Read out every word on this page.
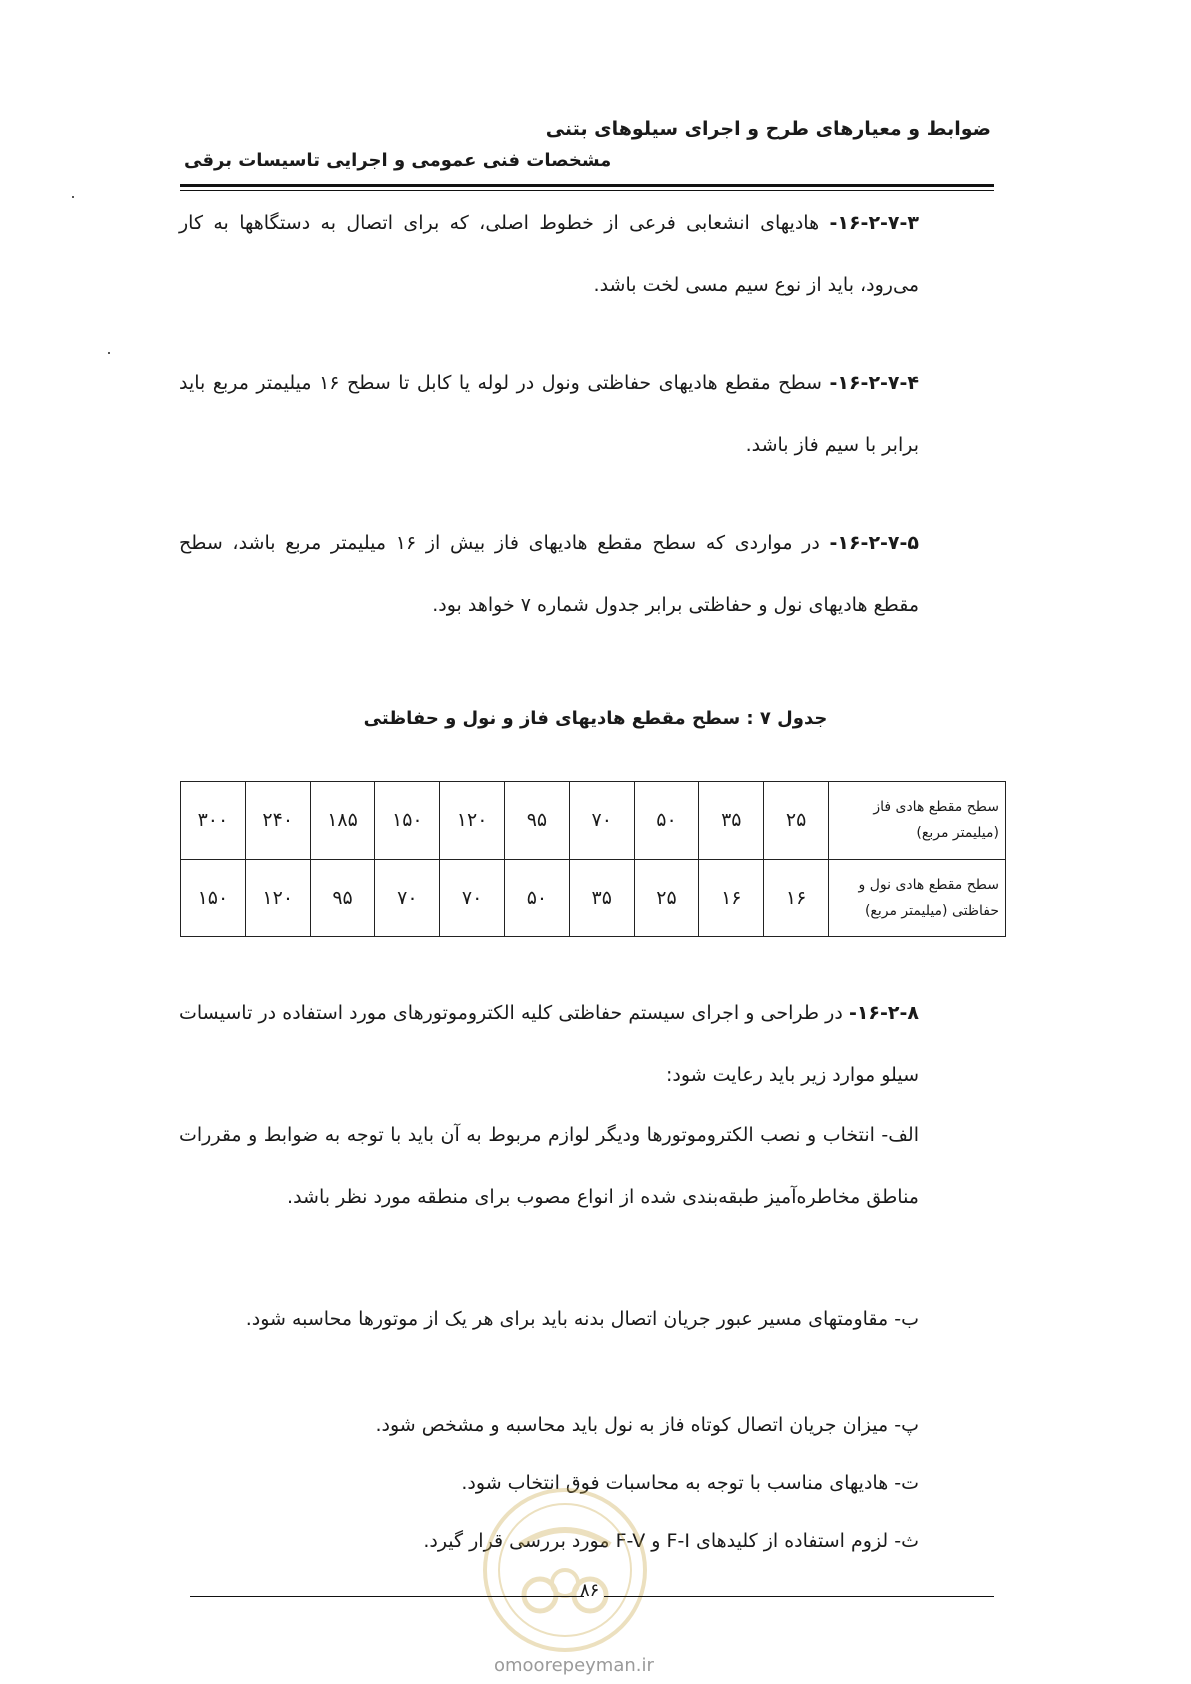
ضوابط و معیارهای طرح و اجرای سیلوهای بتنی
مشخصات فنی عمومی و اجرایی تاسیسات برقی
۱۶-۲-۷-۳- هادیهای انشعابی فرعی از خطوط اصلی، که برای اتصال به دستگاهها به کار می‌رود، باید از نوع سیم مسی لخت باشد.
۱۶-۲-۷-۴- سطح مقطع هادیهای حفاظتی ونول در لوله یا کابل تا سطح ۱۶ میلیمتر مربع باید برابر با سیم فاز باشد.
۱۶-۲-۷-۵- در مواردی که سطح مقطع هادیهای فاز بیش از ۱۶ میلیمتر مربع باشد، سطح مقطع هادیهای نول و حفاظتی برابر جدول شماره ۷ خواهد بود.
جدول ۷ : سطح مقطع هادیهای فاز و نول و حفاظتی
سطح مقطع هادی فاز (میلیمتر مربع)	۲۵	۳۵	۵۰	۷۰	۹۵	۱۲۰	۱۵۰	۱۸۵	۲۴۰	۳۰۰
سطح مقطع هادی نول و حفاظتی (میلیمتر مربع)	۱۶	۱۶	۲۵	۳۵	۵۰	۷۰	۷۰	۹۵	۱۲۰	۱۵۰
۱۶-۲-۸- در طراحی و اجرای سیستم حفاظتی کلیه الکتروموتورهای مورد استفاده در تاسیسات سیلو موارد زیر باید رعایت شود:
الف- انتخاب و نصب الکتروموتورها ودیگر لوازم مربوط به آن باید با توجه به ضوابط و مقررات مناطق مخاطره‌آمیز طبقه‌بندی شده از انواع مصوب برای منطقه مورد نظر باشد.
ب- مقاومتهای مسیر عبور جریان اتصال بدنه باید برای هر یک از موتورها محاسبه شود.
پ- میزان جریان اتصال کوتاه فاز به نول باید محاسبه و مشخص شود.
ت- هادیهای مناسب با توجه به محاسبات فوق انتخاب شود.
ث- لزوم استفاده از کلیدهای F-I و F-V مورد بررسی قرار گیرد.
۸۶
omoorepeyman.ir
